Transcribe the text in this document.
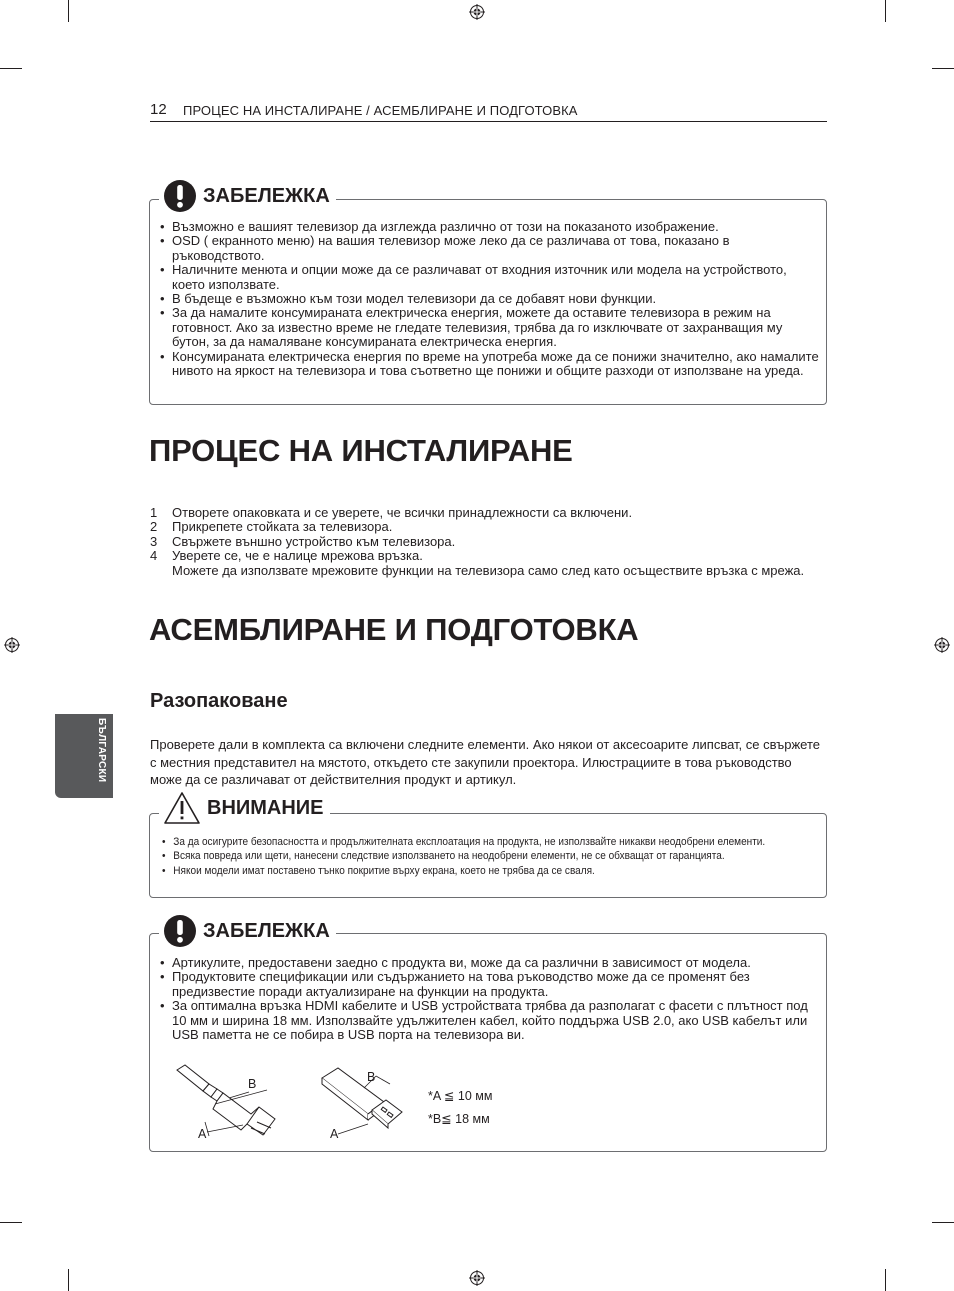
12 ПРОЦЕС НА ИНСТАЛИРАНЕ / АСЕМБЛИРАНЕ И ПОДГОТОВКА
ЗАБЕЛЕЖКА
• Възможно е вашият телевизор да изглежда различно от този на показаното изображение.
• OSD ( екранното меню) на вашия телевизор може леко да се различава от това, показано в ръководството.
• Наличните менюта и опции може да се различават от входния източник или модела на устройството, което използвате.
• В бъдеще е възможно към този модел телевизори да се добавят нови функции.
• За да намалите консумираната електрическа енергия, можете да оставите телевизора в режим на готовност. Ако за известно време не гледате телевизия, трябва да го изключвате от захранващия му бутон, за да намаляване консумираната електрическа енергия.
• Консумираната електрическа енергия по време на употреба може да се понижи значително, ако намалите нивото на яркост на телевизора и това съответно ще понижи и общите разходи от използване на уреда.
ПРОЦЕС НА ИНСТАЛИРАНЕ
1	Отворете опаковката и се уверете, че всички принадлежности са включени.
2	Прикрепете стойката за телевизора.
3	Свържете външно устройство към телевизора.
4	Уверете се, че е налице мрежова връзка.
Можете да използвате мрежовите функции на телевизора само след като осъществите връзка с мрежа.
АСЕМБЛИРАНЕ И ПОДГОТОВКА
Разопаковане
Проверете дали в комплекта са включени следните елементи. Ако някои от аксесоарите липсват, се свържете с местния представител на мястото, откъдето сте закупили проектора. Илюстрациите в това ръководство може да се различават от действителния продукт и артикул.
БЪЛГАРСКИ
ВНИМАНИЕ
• За да осигурите безопасността и продължителната експлоатация на продукта, не използвайте никакви неодобрени елементи.
• Всяка повреда или щети, нанесени следствие използването на неодобрени елементи, не се обхващат от гаранцията.
• Някои модели имат поставено тънко покритие върху екрана, което не трябва да се сваля.
ЗАБЕЛЕЖКА
• Артикулите, предоставени заедно с продукта ви, може да са различни в зависимост от модела.
• Продуктовите спецификации или съдържанието на това ръководство може да се променят без предизвестие поради актуализиране на функции на продукта.
• За оптимална връзка HDMI кабелите и USB устройствата трябва да разполагат с фасети с плътност под 10 мм и ширина 18 мм. Използвайте удължителен кабел, който поддържа USB 2.0, ако USB кабелът или USB паметта не се побира в USB порта на телевизора ви.
B
A
B
A
*A ≦ 10 мм
*B≦ 18 мм
